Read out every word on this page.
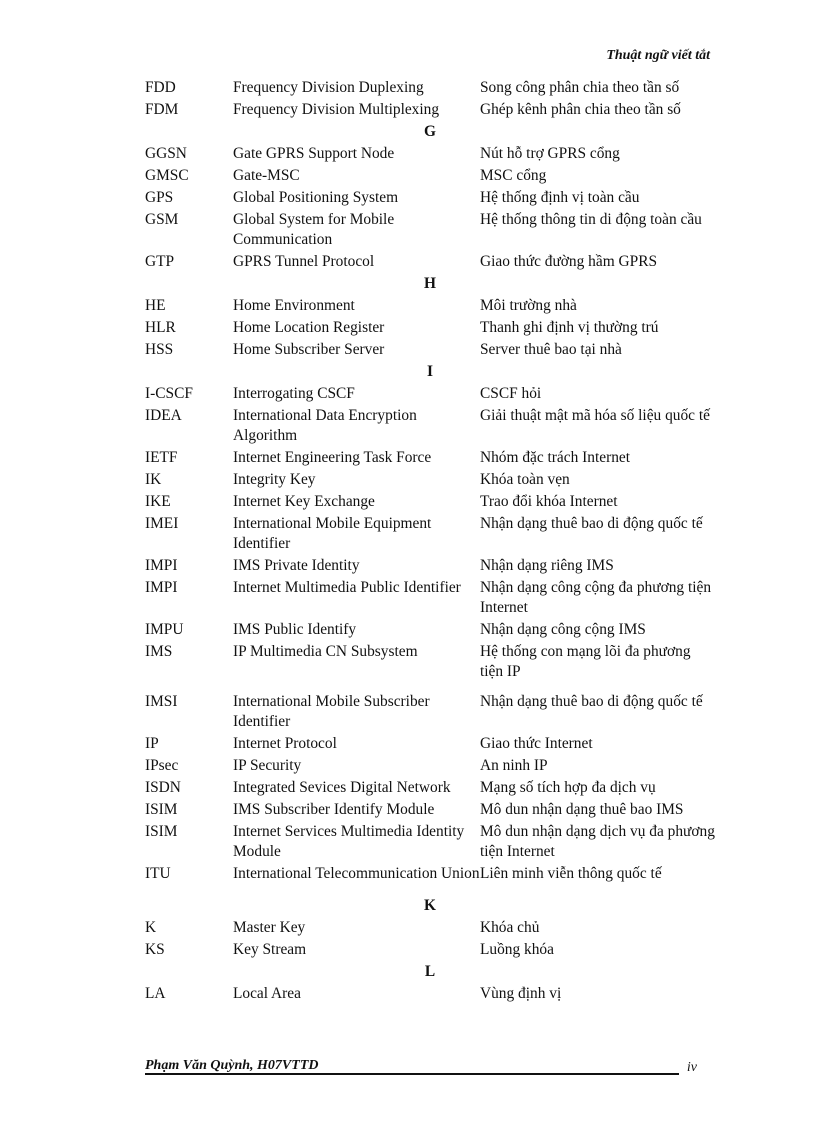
Thuật ngữ viết tắt
FDD	Frequency Division Duplexing	Song công phân chia theo tần số
FDM	Frequency Division Multiplexing	Ghép kênh phân chia theo tần số
G		
GGSN	Gate GPRS Support Node	Nút hỗ trợ GPRS cổng
GMSC	Gate-MSC	MSC cổng
GPS	Global Positioning System	Hệ thống định vị toàn cầu
GSM	Global System for Mobile Communication	Hệ thống thông tin di động toàn cầu
GTP	GPRS Tunnel Protocol	Giao thức đường hầm GPRS
H		
HE	Home Environment	Môi trường nhà
HLR	Home Location Register	Thanh ghi định vị thường trú
HSS	Home Subscriber Server	Server thuê bao tại nhà
I		
I-CSCF	Interrogating CSCF	CSCF hỏi
IDEA	International Data Encryption Algorithm	Giải thuật mật mã hóa số liệu quốc tế
IETF	Internet Engineering Task Force	Nhóm đặc trách Internet
IK	Integrity Key	Khóa toàn vẹn
IKE	Internet Key Exchange	Trao đổi khóa Internet
IMEI	International Mobile Equipment Identifier	Nhận dạng thuê bao di động quốc tế
IMPI	IMS Private Identity	Nhận dạng riêng IMS
IMPI	Internet Multimedia Public Identifier	Nhận dạng công cộng đa phương tiện Internet
IMPU	IMS Public Identify	Nhận dạng công cộng IMS
IMS	IP Multimedia CN Subsystem	Hệ thống con mạng lõi đa phương tiện IP
IMSI	International Mobile Subscriber Identifier	Nhận dạng thuê bao di động quốc tế
IP	Internet Protocol	Giao thức Internet
IPsec	IP Security	An ninh IP
ISDN	Integrated Sevices Digital Network	Mạng số tích hợp đa dịch vụ
ISIM	IMS Subscriber Identify Module	Mô dun nhận dạng thuê bao IMS
ISIM	Internet Services Multimedia Identity Module	Mô dun nhận dạng dịch vụ đa phương tiện Internet
ITU	International Telecommunication Union	Liên minh viễn thông quốc tế
K		
K	Master Key	Khóa chủ
KS	Key Stream	Luồng khóa
L		
LA	Local Area	Vùng định vị
Phạm Văn Quỳnh, H07VTTD	iv
